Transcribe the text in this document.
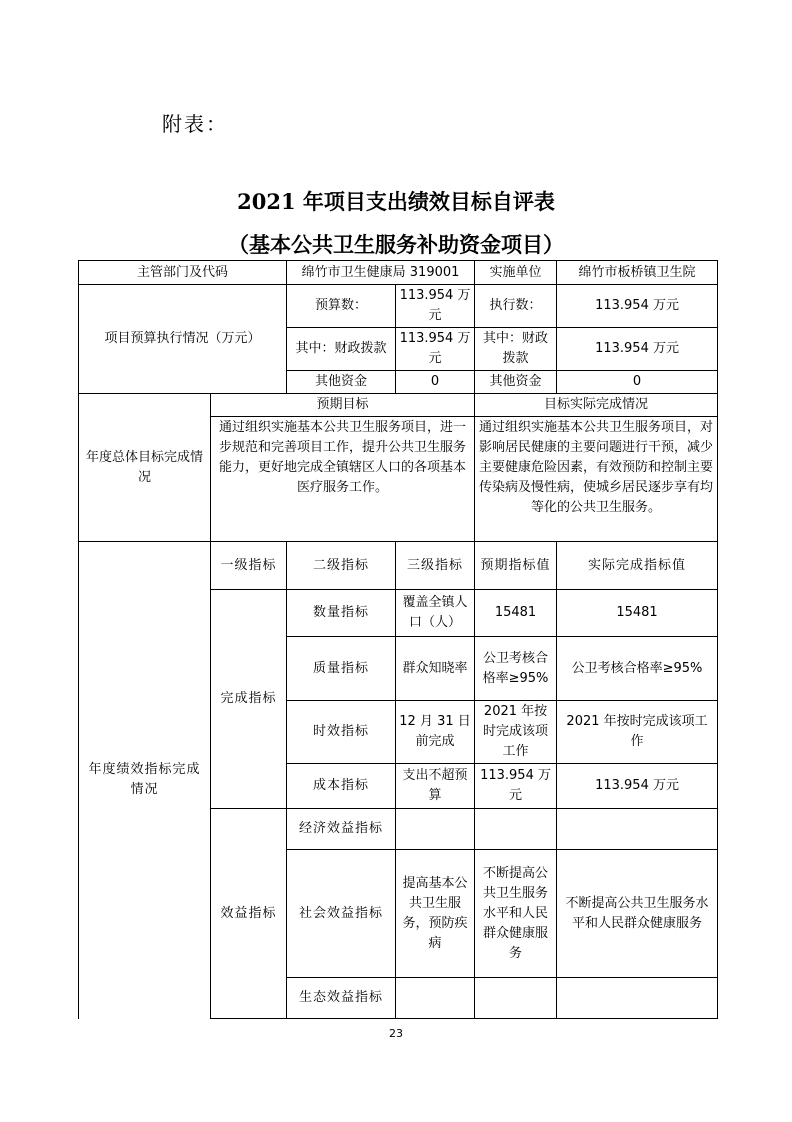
附表：
2021 年项目支出绩效目标自评表
（基本公共卫生服务补助资金项目）
主管部门及代码		绵竹市卫生健康局 319001		实施单位	绵竹市板桥镇卫生院
项目预算执行情况（万元）		预算数：	113.954 万元	执行数：	113.954 万元
		其中：财政拨款	113.954 万元	其中：财政拨款	113.954 万元
		其他资金	0	其他资金	0
年度总体目标完成情况	预期目标			目标实际完成情况	
	通过组织实施基本公共卫生服务项目，进一步规范和完善项目工作，提升公共卫生服务能力，更好地完成全镇辖区人口的各项基本医疗服务工作。			通过组织实施基本公共卫生服务项目，对影响居民健康的主要问题进行干预，减少主要健康危险因素，有效预防和控制主要传染病及慢性病，使城乡居民逐步享有均等化的公共卫生服务。	
年度绩效指标完成情况	一级指标	二级指标	三级指标	预期指标值	实际完成指标值
	完成指标	数量指标	覆盖全镇人口（人）	15481	15481
		质量指标	群众知晓率	公卫考核合格率≥95%	公卫考核合格率≥95%
		时效指标	12 月 31 日前完成	2021 年按时完成该项工作	2021 年按时完成该项工作
		成本指标	支出不超预算	113.954 万元	113.954 万元
	效益指标	经济效益指标			
		社会效益指标	提高基本公共卫生服务，预防疾病	不断提高公共卫生服务水平和人民群众健康服务	不断提高公共卫生服务水平和人民群众健康服务
		生态效益指标			
23
